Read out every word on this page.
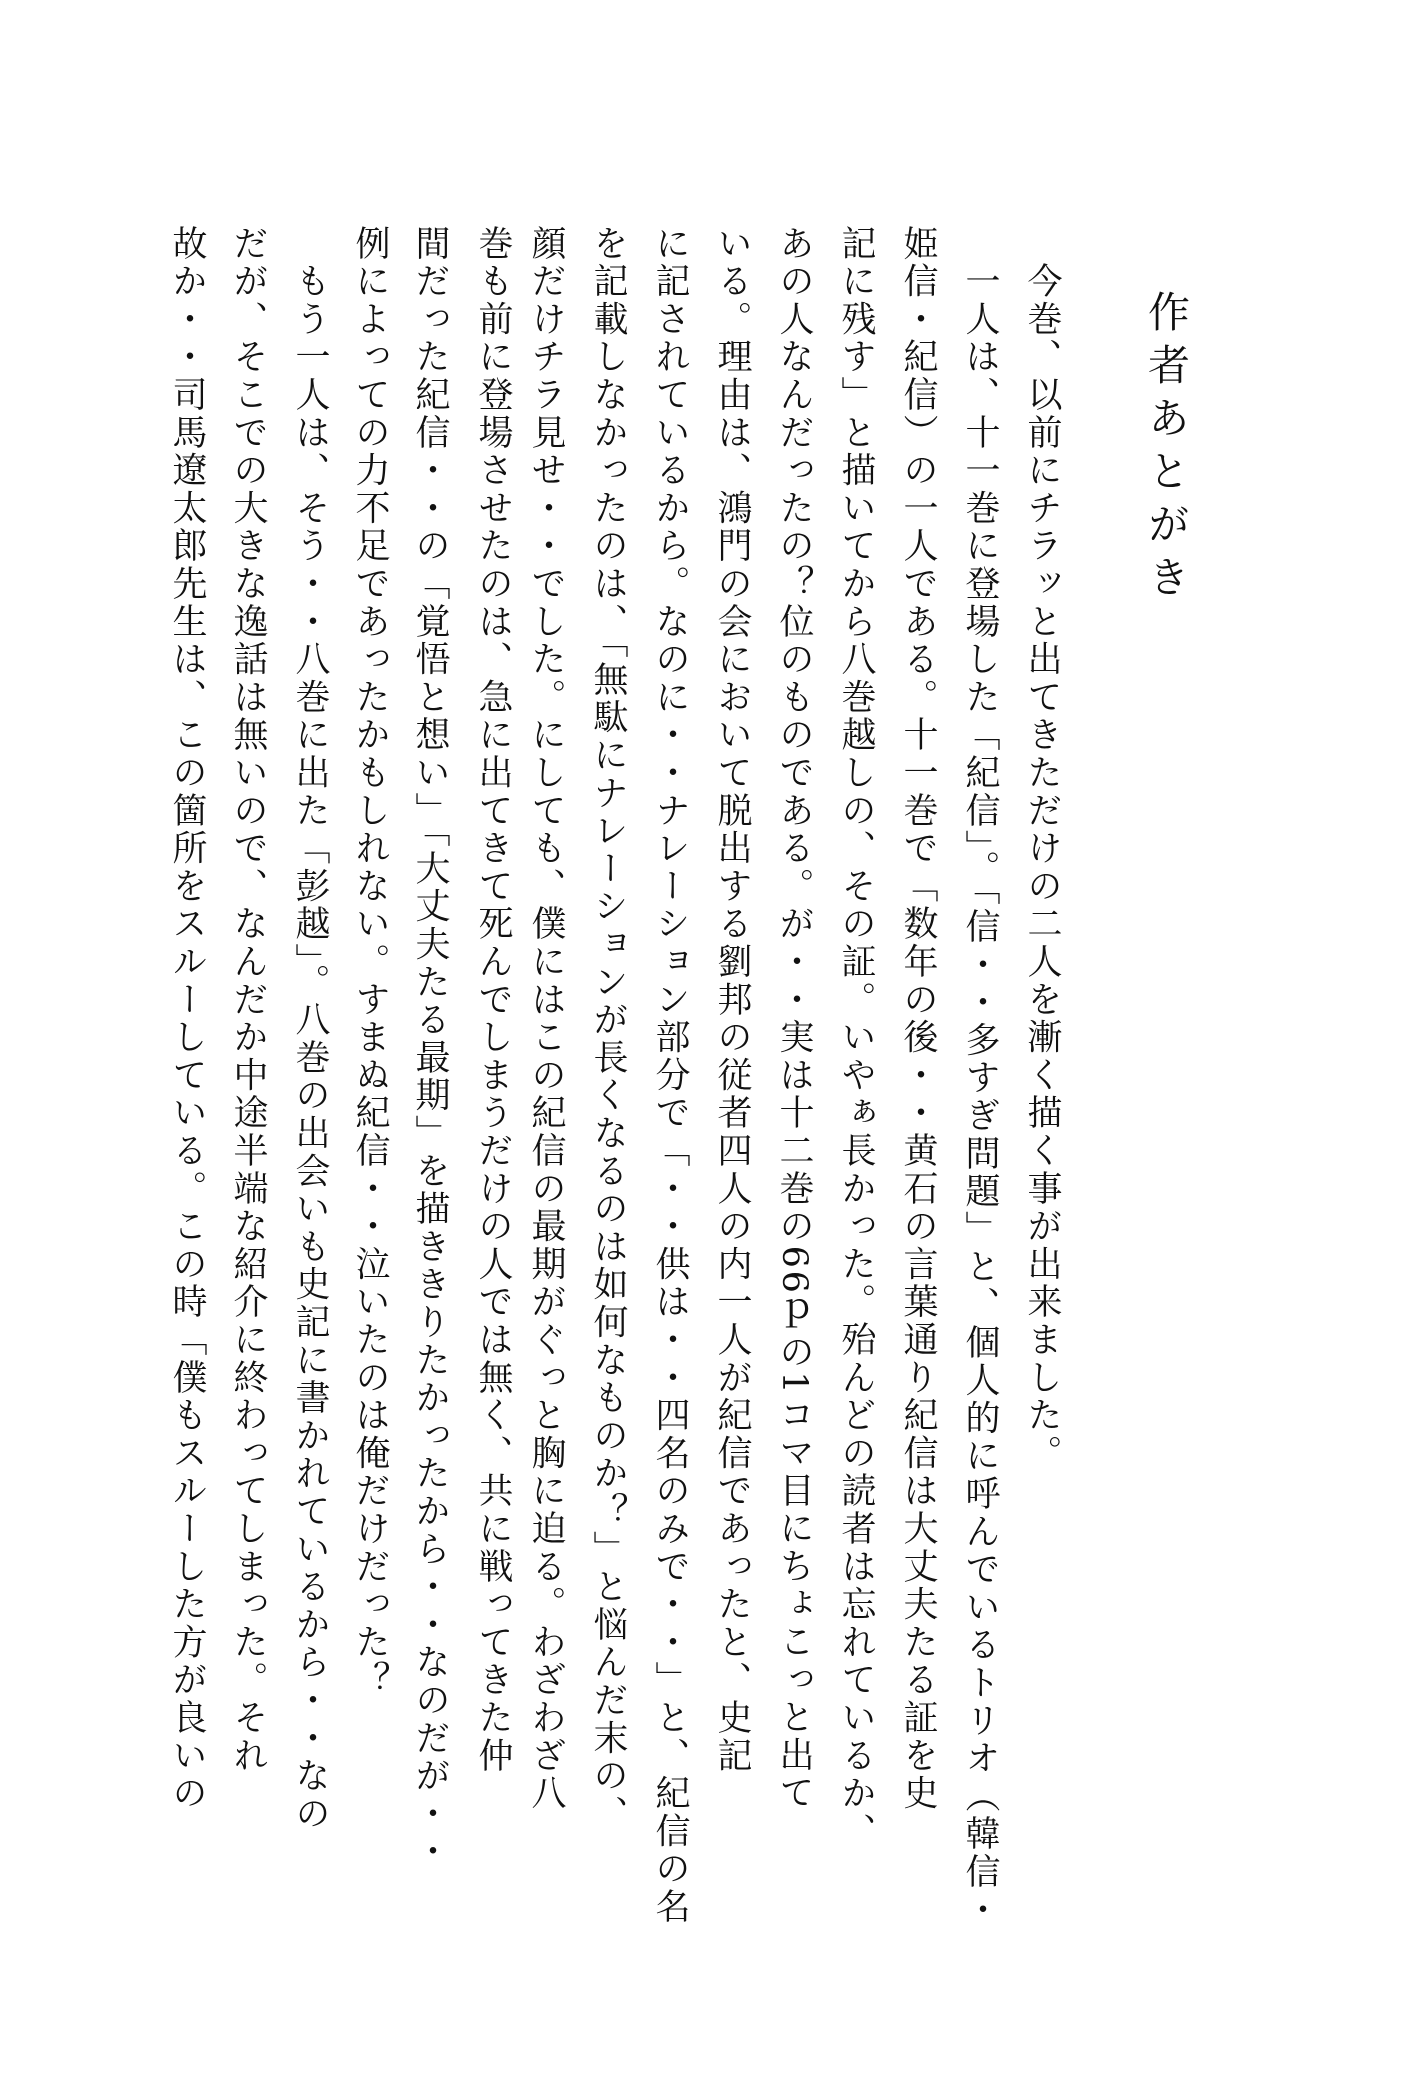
作者あとがき
　今巻、以前にチラッと出てきただけの二人を漸く描く事が出来ました。
　一人は、十一巻に登場した「紀信」。「信・・多すぎ問題」と、個人的に呼んでいるトリオ（韓信・
姫信・紀信）の一人である。十一巻で「数年の後・・黄石の言葉通り紀信は大丈夫たる証を史
記に残す」と描いてから八巻越しの、その証。いやぁ長かった。殆んどの読者は忘れているか、
あの人なんだったの？位のものである。が・・実は十二巻の66ｐの1コマ目にちょこっと出て
いる。理由は、鴻門の会において脱出する劉邦の従者四人の内一人が紀信であったと、史記
に記されているから。なのに・・ナレーション部分で「・・供は・・四名のみで・・」と、紀信の名
を記載しなかったのは、「無駄にナレーションが長くなるのは如何なものか？」と悩んだ末の、
顔だけチラ見せ・・でした。にしても、僕にはこの紀信の最期がぐっと胸に迫る。わざわざ八
巻も前に登場させたのは、急に出てきて死んでしまうだけの人では無く、共に戦ってきた仲
間だった紀信・・の「覚悟と想い」「大丈夫たる最期」を描ききりたかったから・・なのだが・・
例によっての力不足であったかもしれない。すまぬ紀信・・泣いたのは俺だけだった？
　もう一人は、そう・・八巻に出た「彭越」。八巻の出会いも史記に書かれているから・・なの
だが、そこでの大きな逸話は無いので、なんだか中途半端な紹介に終わってしまった。それ
故か・・司馬遼太郎先生は、この箇所をスルーしている。この時「僕もスルーした方が良いの
